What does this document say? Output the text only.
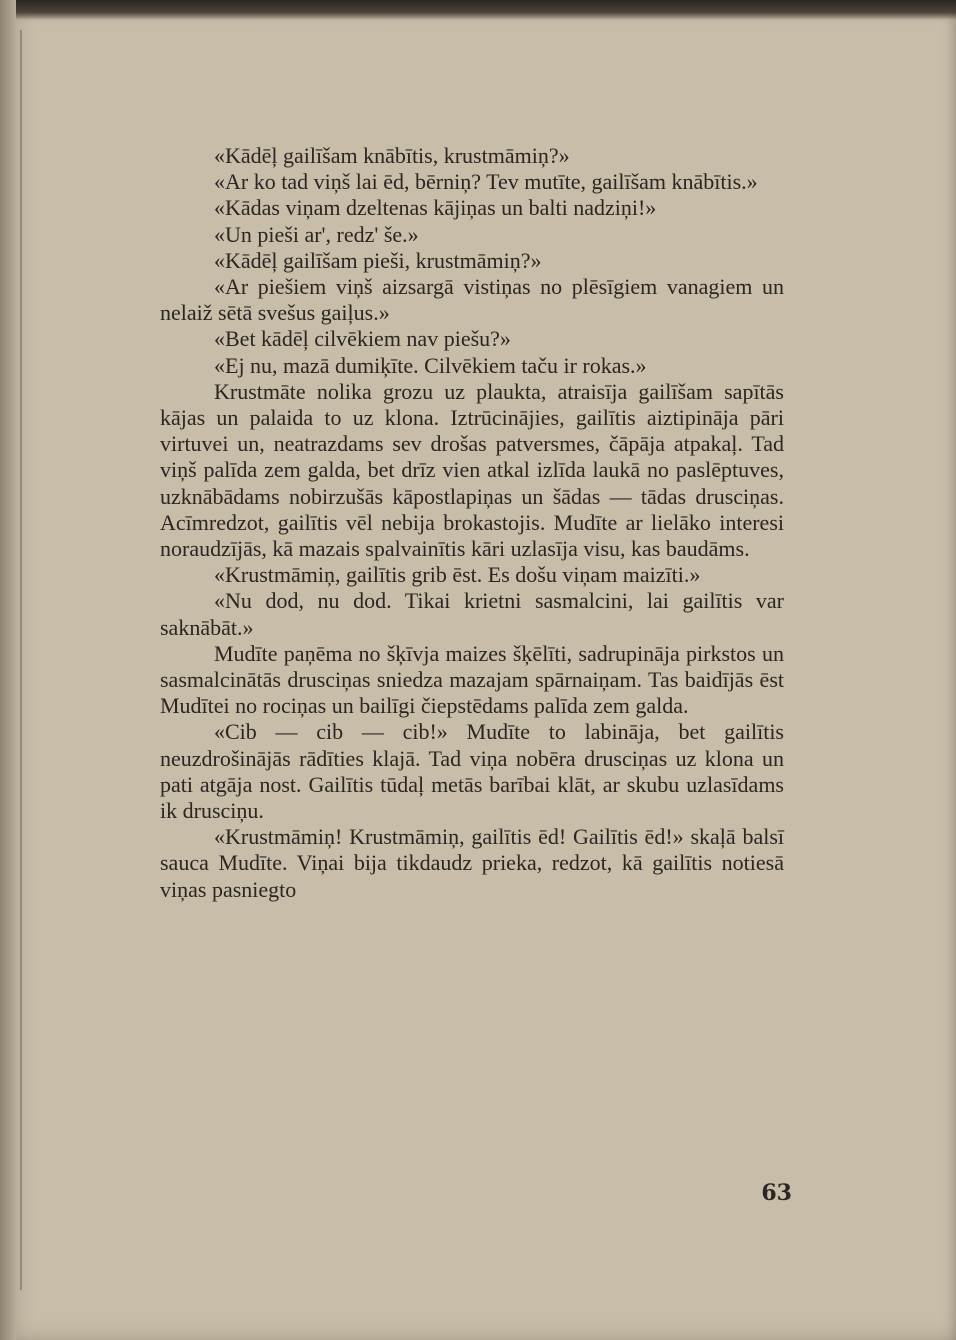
«Kādēļ gailīšam knābītis, krustmāmiņ?»

«Ar ko tad viņš lai ēd, bērniņ? Tev mutīte, gailīšam knābītis.»

«Kādas viņam dzeltenas kājiņas un balti nadziņi!»

«Un pieši ar', redz' še.»

«Kādēļ gailīšam pieši, krustmāmiņ?»

«Ar piešiem viņš aizsargā vistiņas no plēsīgiem vanagiem un nelaiž sētā svešus gaiļus.»

«Bet kādēļ cilvēkiem nav piešu?»

«Ej nu, mazā dumiķīte. Cilvēkiem taču ir rokas.»

Krustmāte nolika grozu uz plaukta, atraisīja gailīšam sapītās kājas un palaida to uz klona. Iztrūcinājies, gailītis aiztipināja pāri virtuvei un, neatrazdams sev drošas patversmes, čāpāja atpakaļ. Tad viņš palīda zem galda, bet drīz vien atkal izlīda laukā no paslēptuves, uzknābādams nobirzušās kāpostlapiņas un šādas — tādas drusciņas. Acīmredzot, gailītis vēl nebija brokastojis. Mudīte ar lielāko interesi noraudzījās, kā mazais spalvainītis kāri uzlasīja visu, kas baudāms.

«Krustmāmiņ, gailītis grib ēst. Es došu viņam maizīti.»

«Nu dod, nu dod. Tikai krietni sasmalcini, lai gailītis var saknābāt.»

Mudīte paņēma no šķīvja maizes šķēlīti, sadrupināja pirkstos un sasmalcinātās drusciņas sniedza mazajam spārnaiņam. Tas baidījās ēst Mudītei no rociņas un bailīgi čiepstēdams palīda zem galda.

«Cib — cib — cib!» Mudīte to labināja, bet gailītis neuzdrošinājās rādīties klajā. Tad viņa nobēra drusciņas uz klona un pati atgāja nost. Gailītis tūdaļ metās barībai klāt, ar skubu uzlasīdams ik drusciņu.

«Krustmāmiņ! Krustmāmiņ, gailītis ēd! Gailītis ēd!» skaļā balsī sauca Mudīte. Viņai bija tikdaudz prieka, redzot, kā gailītis notiesā viņas pasniegto

63
